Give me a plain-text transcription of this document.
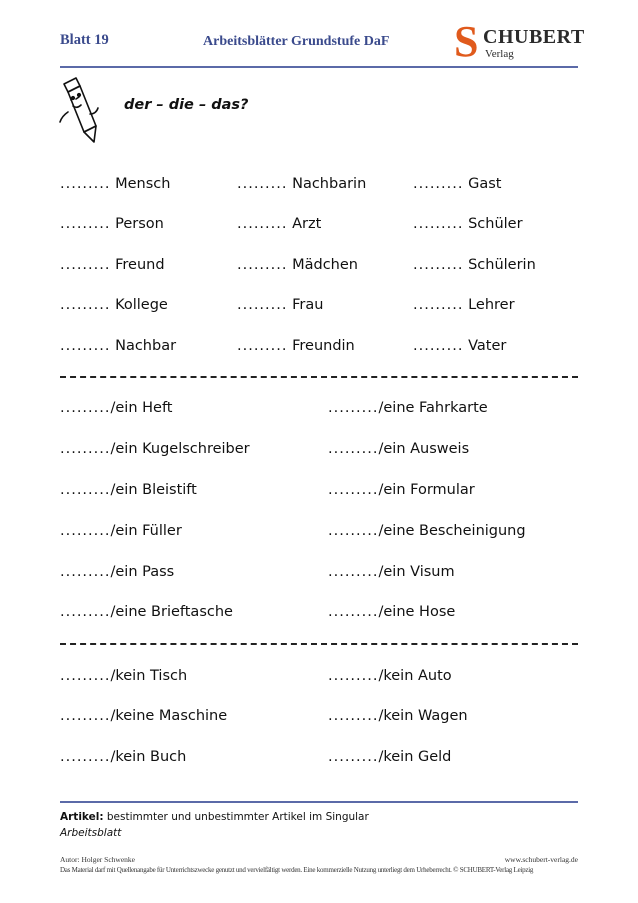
Blatt 19	Arbeitsblätter Grundstufe DaF S CHUBERT
Verlag
der – die – das?
......... Mensch	......... Nachbarin	......... Gast
......... Person	......... Arzt	......... Schüler
......... Freund	......... Mädchen	......... Schülerin
......... Kollege	......... Frau	......... Lehrer
......... Nachbar	......... Freundin	......... Vater
........./ein Heft	........./eine Fahrkarte
........./ein Kugelschreiber	........./ein Ausweis
........./ein Bleistift	........./ein Formular
........./ein Füller	........./eine Bescheinigung
........./ein Pass	........./ein Visum
........./eine Brieftasche	........./eine Hose
........./kein Tisch	........./kein Auto
........./keine Maschine	........./kein Wagen
........./kein Buch	........./kein Geld
Artikel: bestimmter und unbestimmter Artikel im Singular
Arbeitsblatt
Autor: Holger Schwenke	www.schubert-verlag.de
Das Material darf mit Quellenangabe für Unterrichtszwecke genutzt und vervielfältigt werden. Eine kommerzielle Nutzung unterliegt dem Urheberrecht. © SCHUBERT-Verlag Leipzig
